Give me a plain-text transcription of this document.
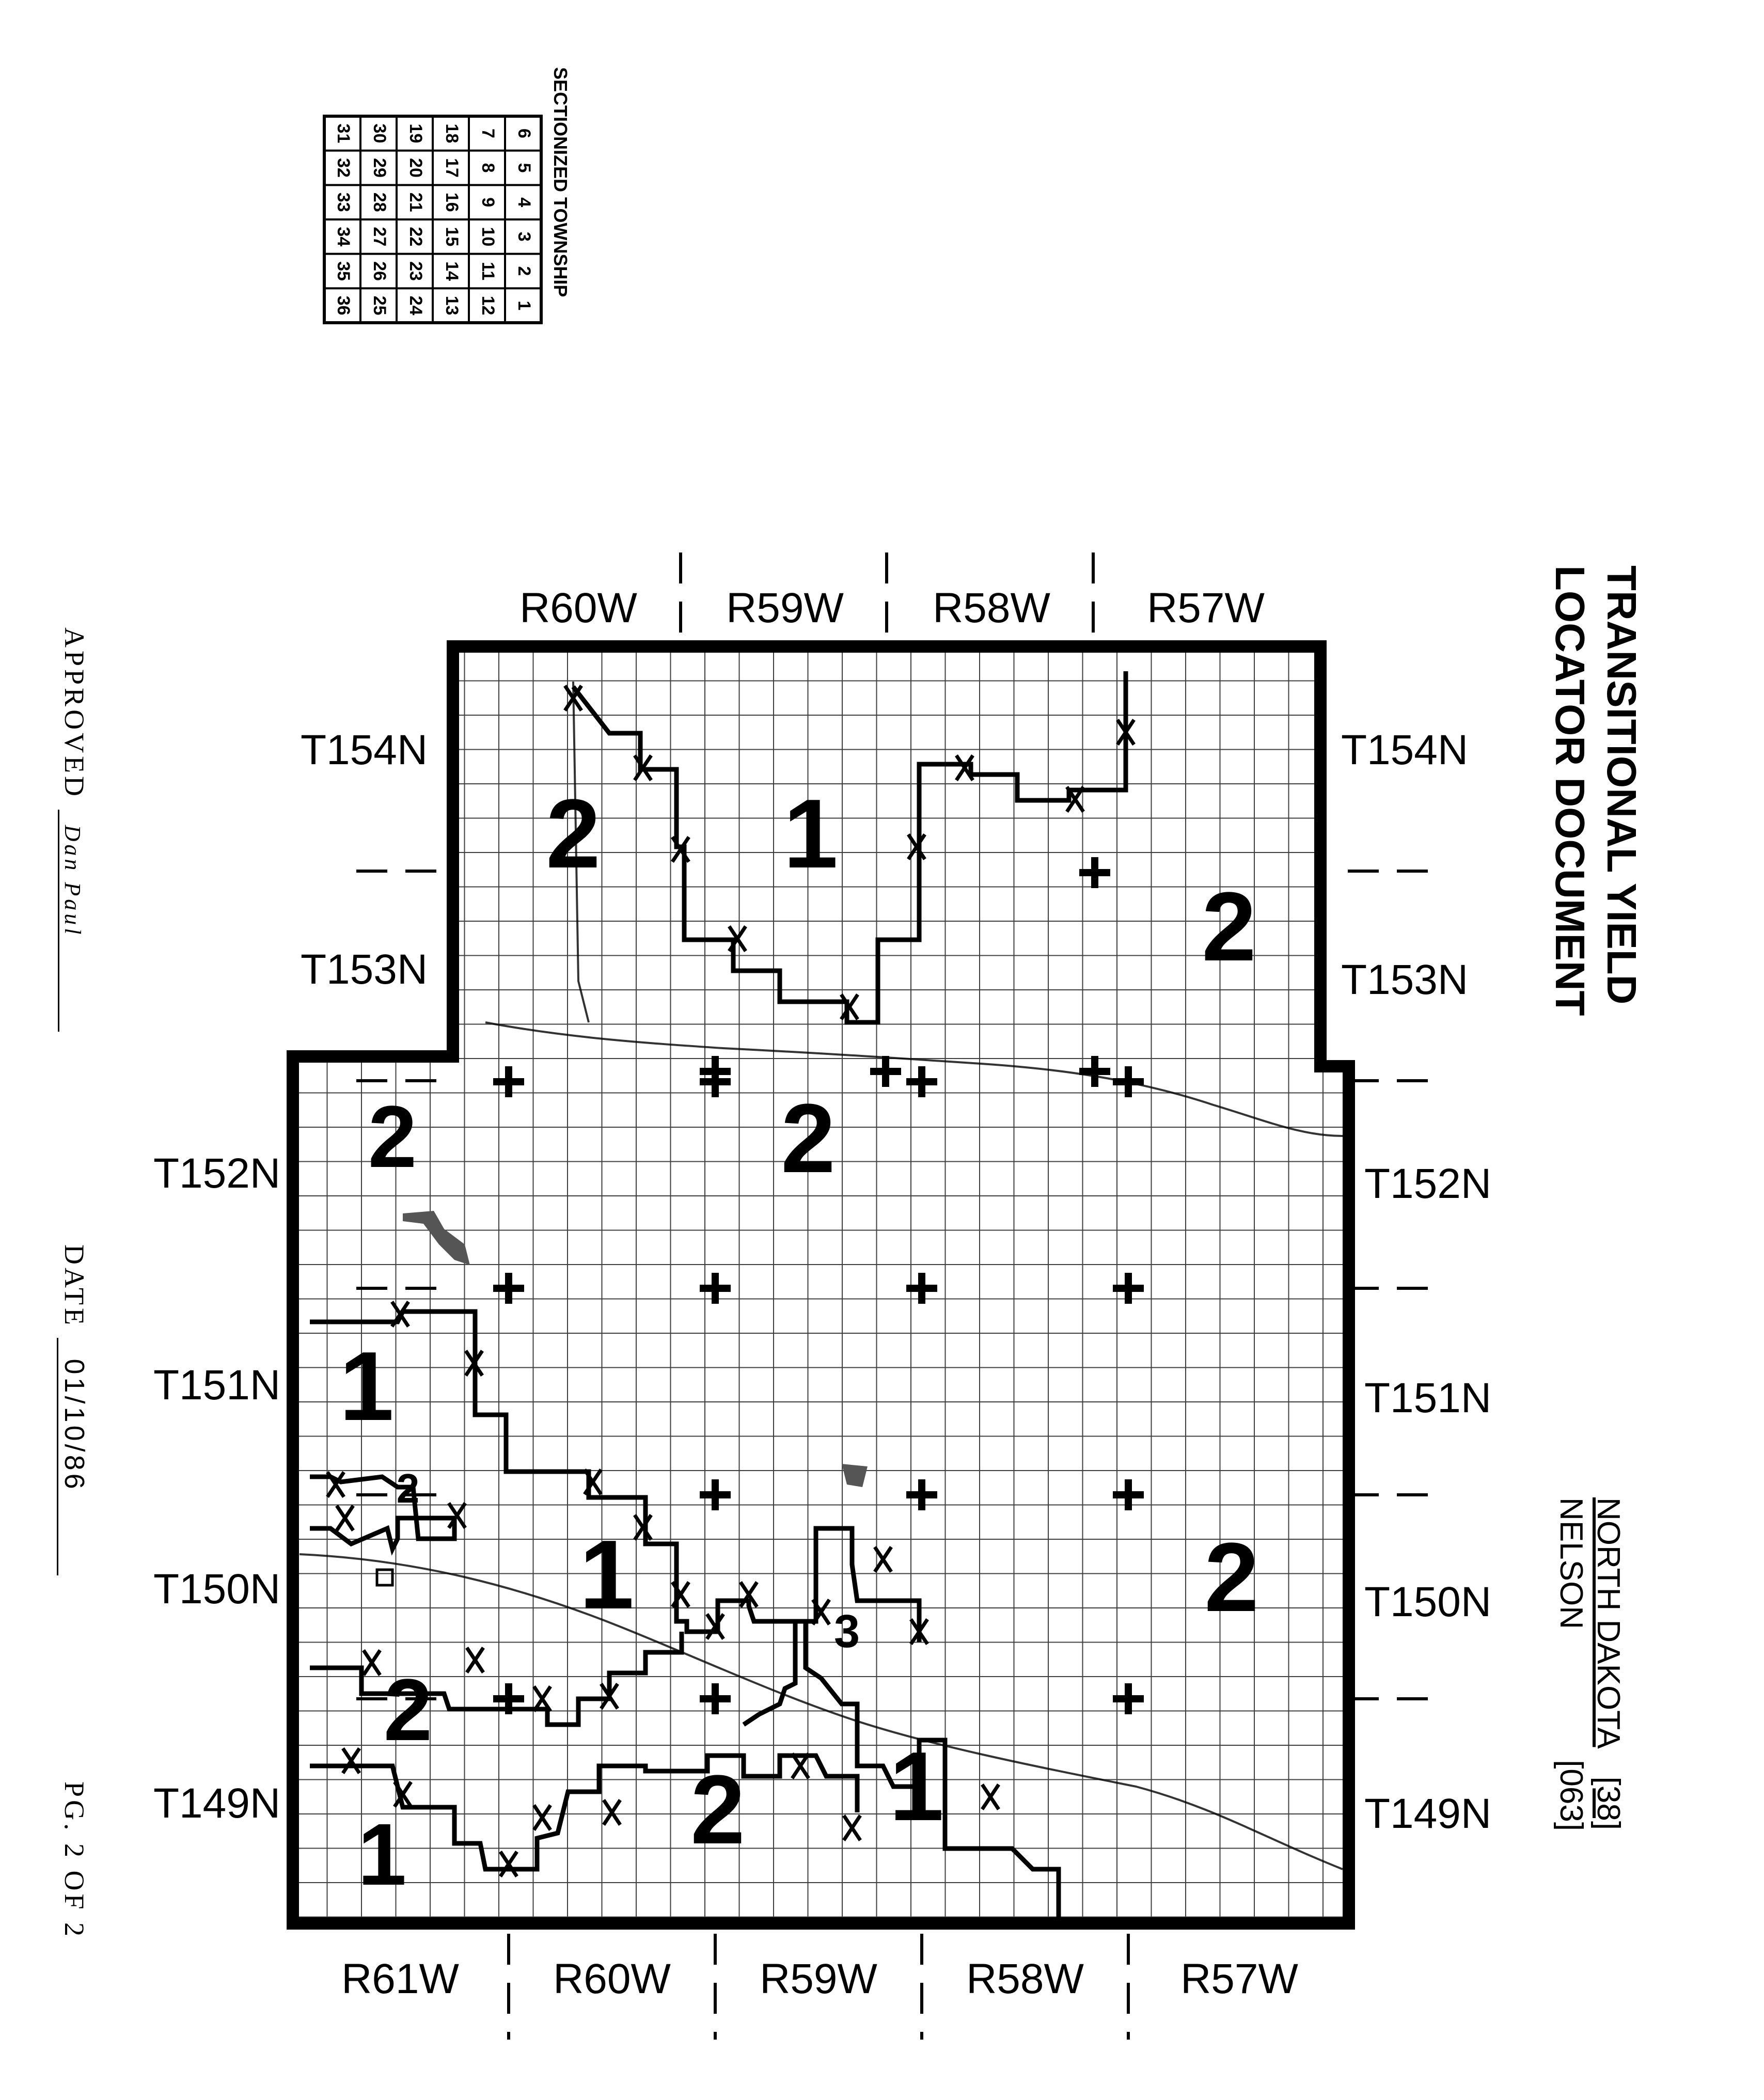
6
5
4
3
2
1
7
8
9
10
11
12
18
17
16
15
14
13
19
20
21
22
23
24
30
29
28
27
26
25
31
32
33
34
35
36
SECTIONIZED TOWNSHIP
R60W R59W R58W R57W
R61W R60W R59W R58W R57W
T154N
T153N
T152N
T151N
T150N
T149N
T154N
T153N
T152N
T151N
T150N
T149N
2 1
2
2	2
1
2
1	2
3
2
2 1
1
TRANSITIONAL YIELD
LOCATOR DOCUMENT
NORTH DAKOTA [38]
NELSON [063]
APPROVED Dan Paul
DATE 01/10/86
PG. 2 OF 2
